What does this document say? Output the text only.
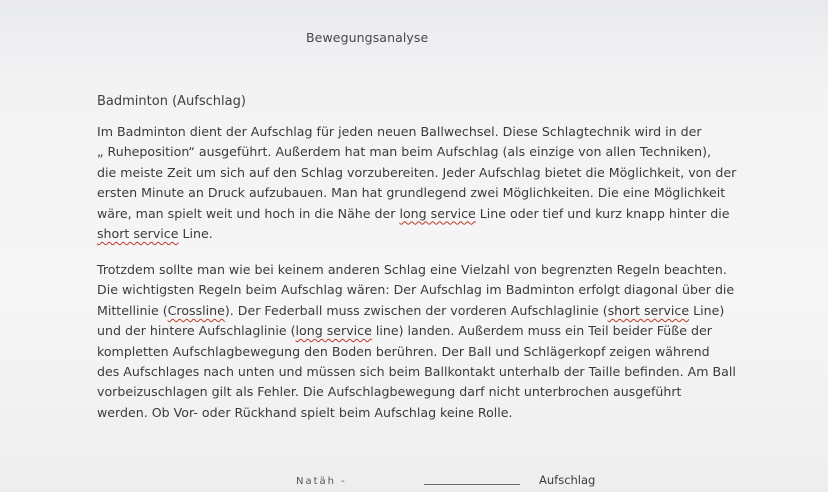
Bewegungsanalyse
Badminton (Aufschlag)
Im Badminton dient der Aufschlag für jeden neuen Ballwechsel. Diese Schlagtechnik wird in der
„ Ruheposition“ ausgeführt. Außerdem hat man beim Aufschlag (als einzige von allen Techniken),
die meiste Zeit um sich auf den Schlag vorzubereiten. Jeder Aufschlag bietet die Möglichkeit, von der
ersten Minute an Druck aufzubauen. Man hat grundlegend zwei Möglichkeiten. Die eine Möglichkeit
wäre, man spielt weit und hoch in die Nähe der long service Line oder tief und kurz knapp hinter die
short service Line.
Trotzdem sollte man wie bei keinem anderen Schlag eine Vielzahl von begrenzten Regeln beachten.
Die wichtigsten Regeln beim Aufschlag wären: Der Aufschlag im Badminton erfolgt diagonal über die
Mittellinie (Crossline). Der Federball muss zwischen der vorderen Aufschlaglinie (short service Line)
und der hintere Aufschlaglinie (long service line) landen. Außerdem muss ein Teil beider Füße der
kompletten Aufschlagbewegung den Boden berühren. Der Ball und Schlägerkopf zeigen während
des Aufschlages nach unten und müssen sich beim Ballkontakt unterhalb der Taille befinden. Am Ball
vorbeizuschlagen gilt als Fehler. Die Aufschlagbewegung darf nicht unterbrochen ausgeführt
werden. Ob Vor- oder Rückhand spielt beim Aufschlag keine Rolle.
Natäh -	Aufschlag
